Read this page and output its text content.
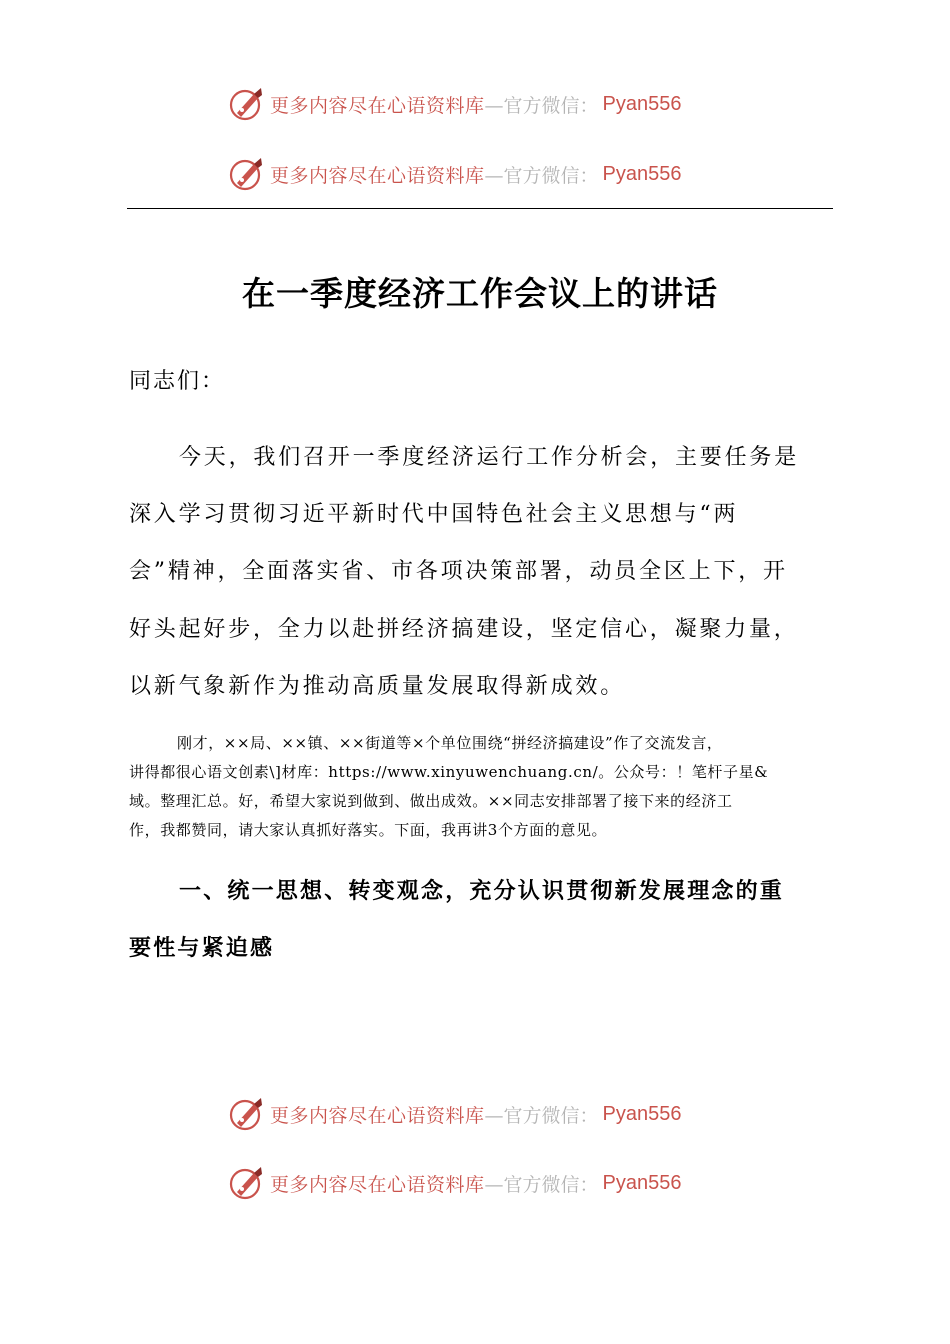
更多内容尽在心语资料库 —官方微信： Pyan556
更多内容尽在心语资料库 —官方微信： Pyan556
在一季度经济工作会议上的讲话

同志们：

今天，我们召开一季度经济运行工作分析会，主要任务是

深入学习贯彻习近平新时代中国特色社会主义思想与“两

会”精神，全面落实省、市各项决策部署，动员全区上下，开

好头起好步，全力以赴拼经济搞建设，坚定信心，凝聚力量，

以新气象新作为推动高质量发展取得新成效。

刚才，××局、××镇、××街道等×个单位围绕“拼经济搞建设”作了交流发言，

讲得都很心语文创素\]材库：https://www.xinyuwenchuang.cn/。公众号：！笔杆子星&

域。整理汇总。好，希望大家说到做到、做出成效。××同志安排部署了接下来的经济工

作，我都赞同，请大家认真抓好落实。下面，我再讲3个方面的意见。

一、统一思想、转变观念，充分认识贯彻新发展理念的重

要性与紧迫感

更多内容尽在心语资料库 —官方微信： Pyan556
更多内容尽在心语资料库 —官方微信： Pyan556
